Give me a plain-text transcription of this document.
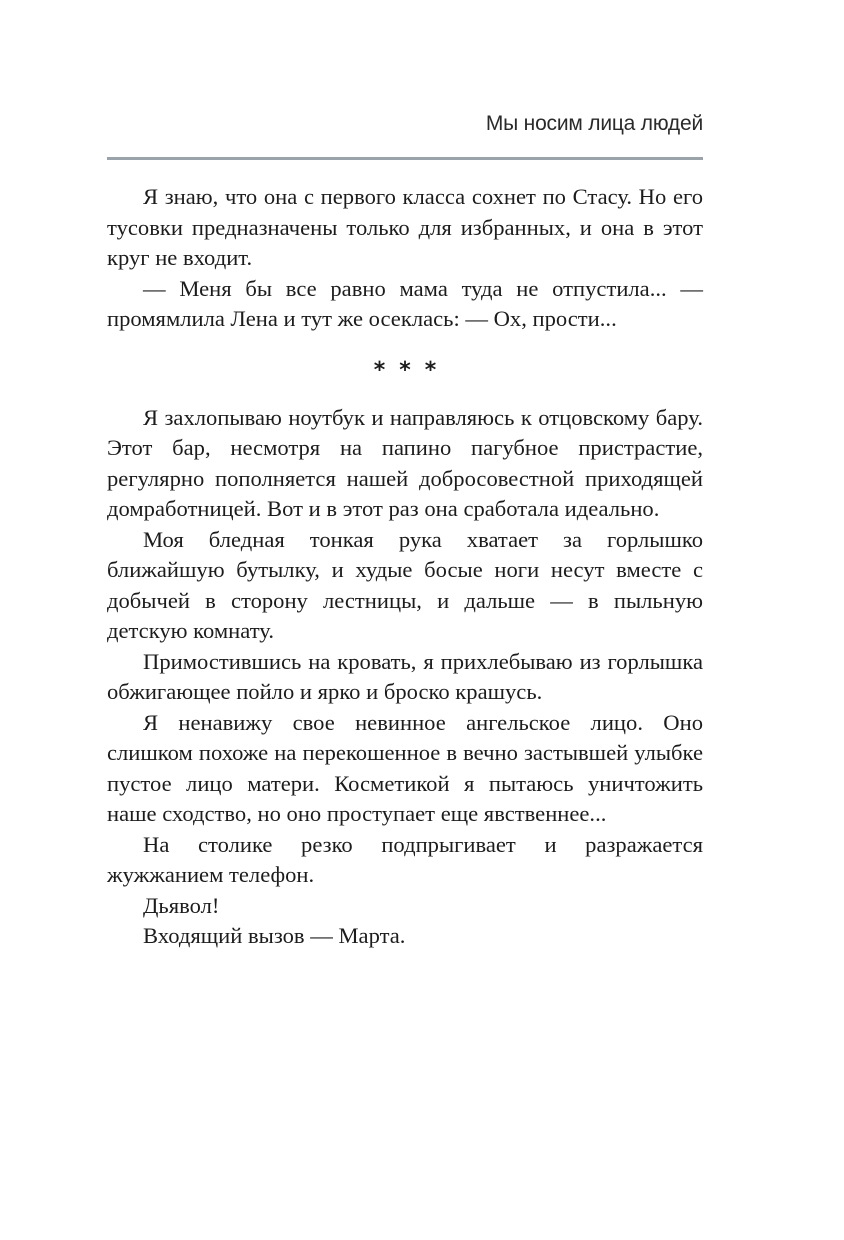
Мы носим лица людей

Я знаю, что она с первого класса сохнет по Стасу. Но его тусовки предназначены только для избранных, и она в этот круг не входит.

— Меня бы все равно мама туда не отпустила... — промямлила Лена и тут же осеклась: — Ох, прости...

***

Я захлопываю ноутбук и направляюсь к отцовскому бару. Этот бар, несмотря на папино пагубное пристрастие, регулярно пополняется нашей добросовестной приходящей домработницей. Вот и в этот раз она сработала идеально.

Моя бледная тонкая рука хватает за горлышко ближайшую бутылку, и худые босые ноги несут вместе с добычей в сторону лестницы, и дальше — в пыльную детскую комнату.

Примостившись на кровать, я прихлебываю из горлышка обжигающее пойло и ярко и броско крашусь.

Я ненавижу свое невинное ангельское лицо. Оно слишком похоже на перекошенное в вечно застывшей улыбке пустое лицо матери. Косметикой я пытаюсь уничтожить наше сходство, но оно проступает еще явственнее...

На столике резко подпрыгивает и разражается жужжанием телефон.

Дьявол!

Входящий вызов — Марта.
